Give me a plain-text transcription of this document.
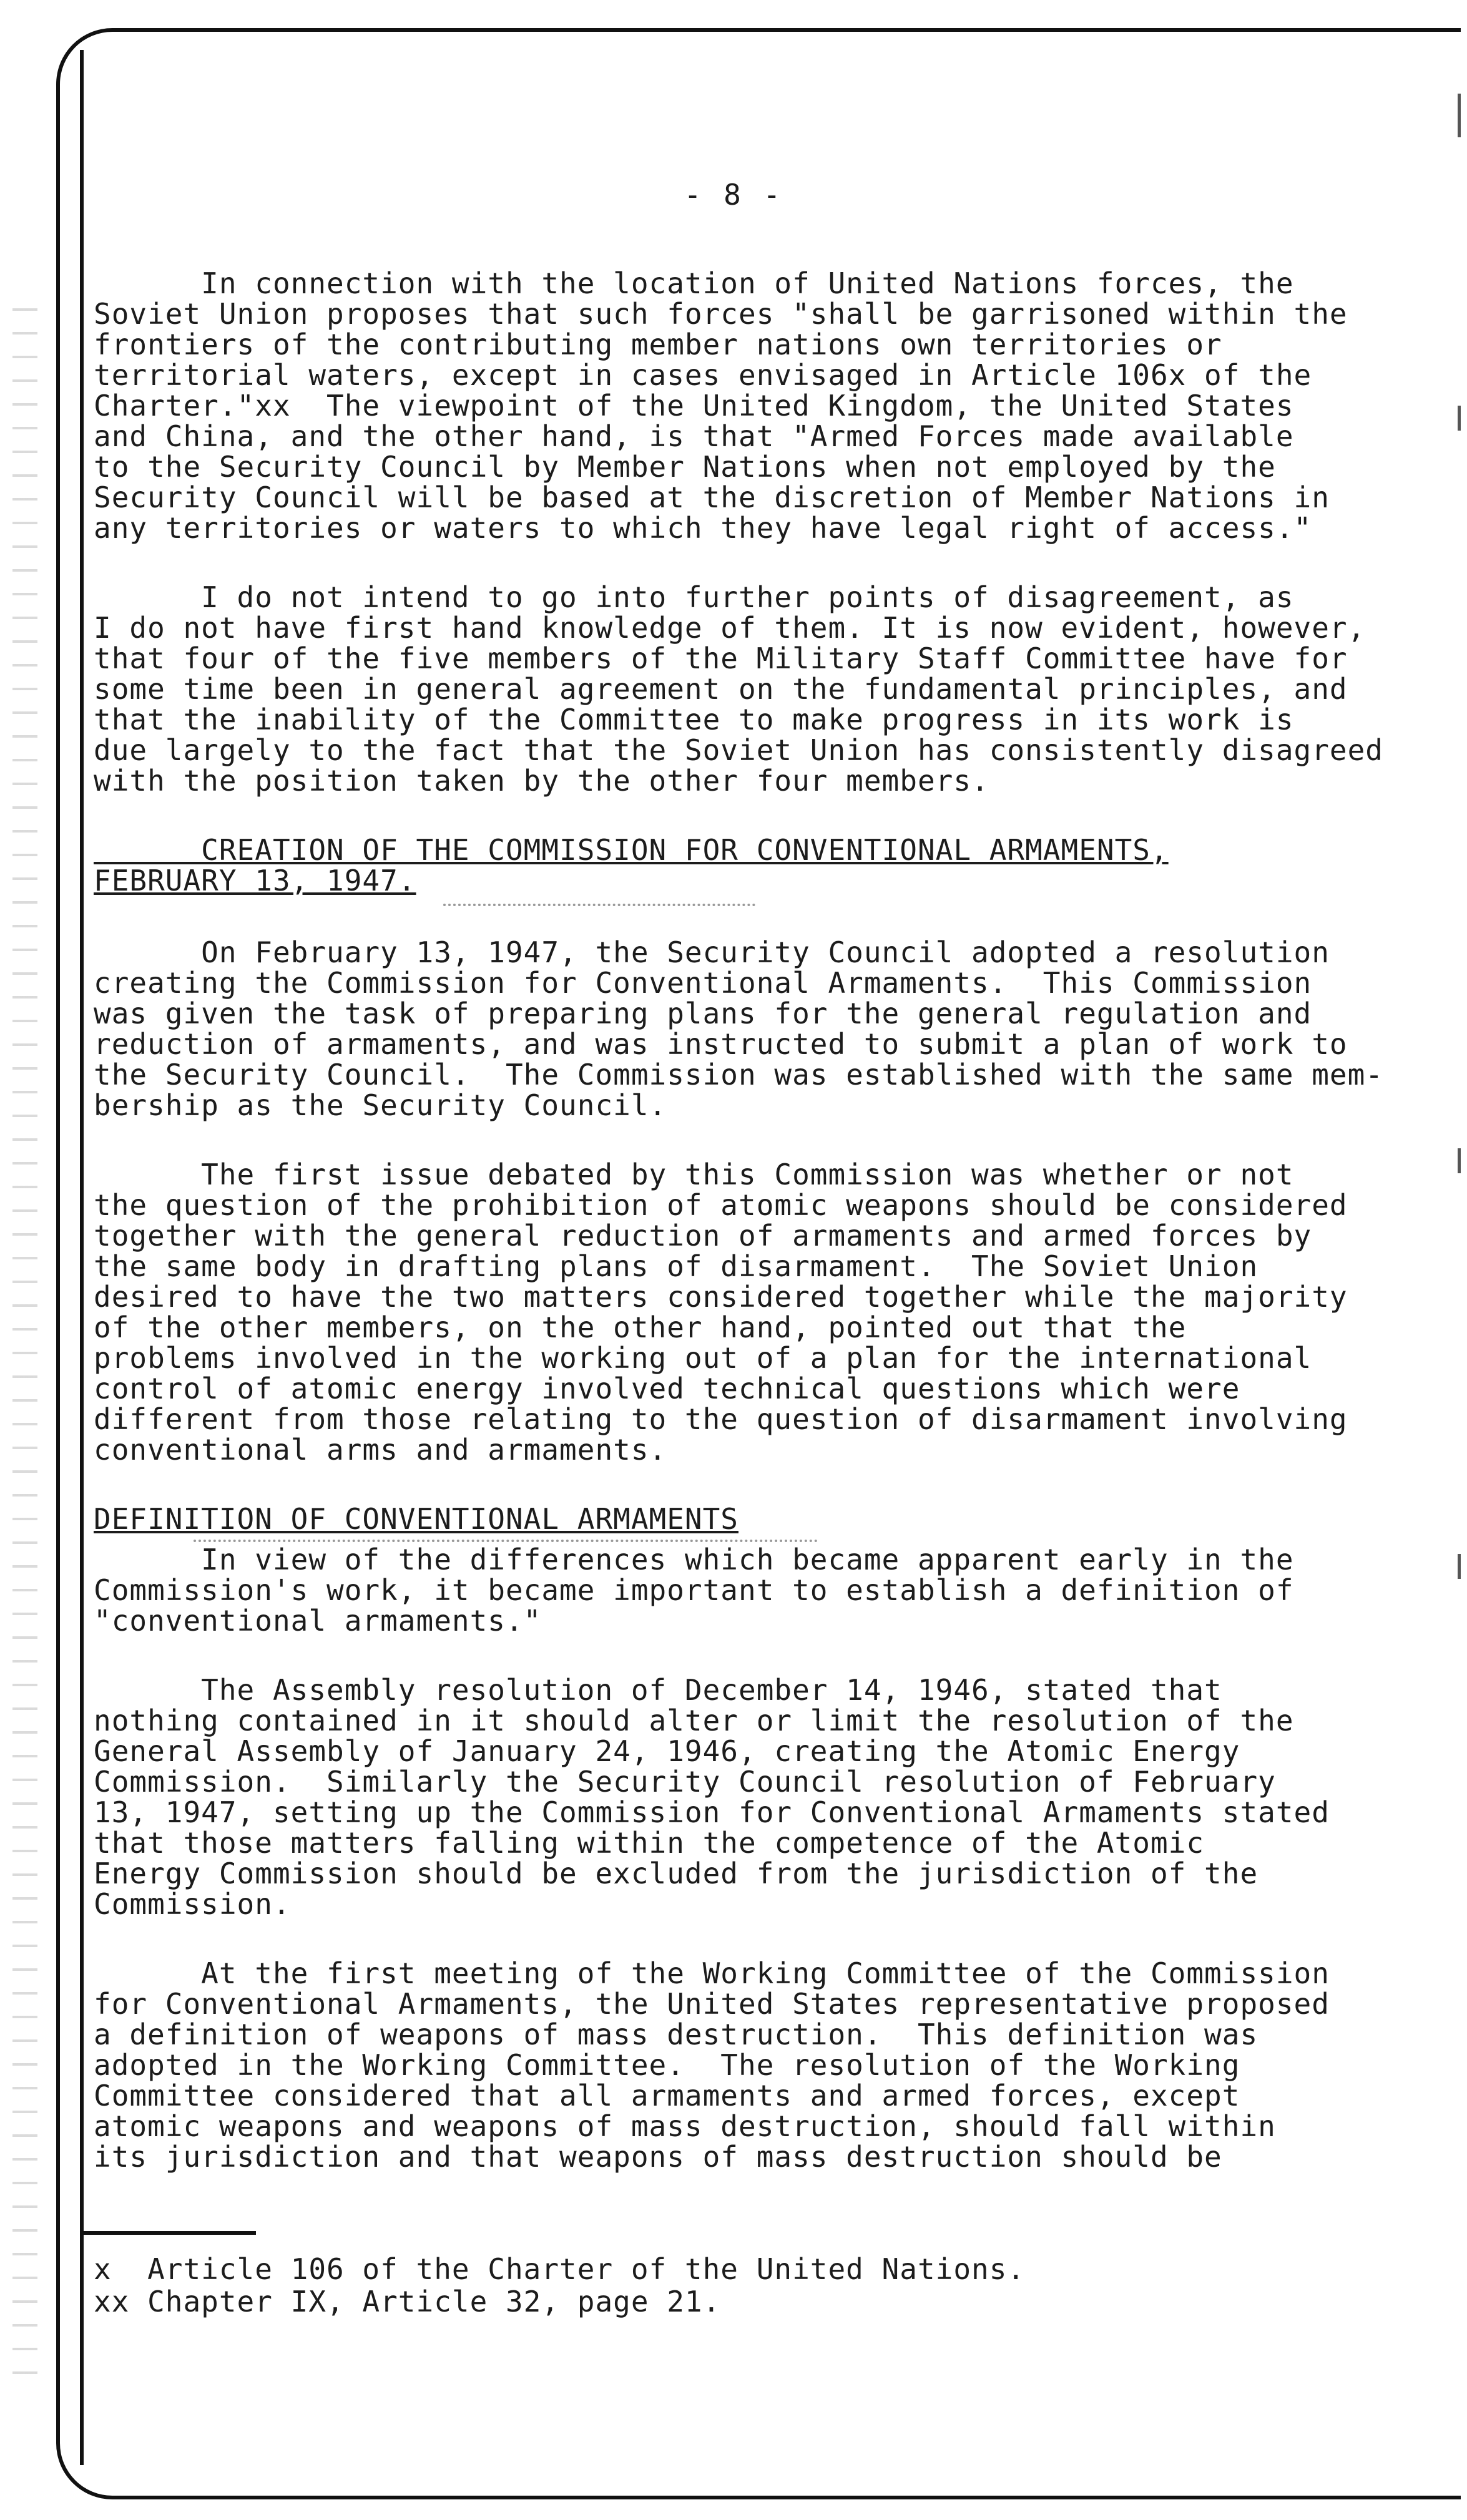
- 8 -
In connection with the location of United Nations forces, the
Soviet Union proposes that such forces "shall be garrisoned within the
frontiers of the contributing member nations own territories or
territorial waters, except in cases envisaged in Article 106x of the
Charter."xx  The viewpoint of the United Kingdom, the United States
and China, and the other hand, is that "Armed Forces made available
to the Security Council by Member Nations when not employed by the
Security Council will be based at the discretion of Member Nations in
any territories or waters to which they have legal right of access."
I do not intend to go into further points of disagreement, as
I do not have first hand knowledge of them. It is now evident, however,
that four of the five members of the Military Staff Committee have for
some time been in general agreement on the fundamental principles, and
that the inability of the Committee to make progress in its work is
due largely to the fact that the Soviet Union has consistently disagreed
with the position taken by the other four members.
CREATION OF THE COMMISSION FOR CONVENTIONAL ARMAMENTS,
FEBRUARY 13, 1947.
On February 13, 1947, the Security Council adopted a resolution
creating the Commission for Conventional Armaments.  This Commission
was given the task of preparing plans for the general regulation and
reduction of armaments, and was instructed to submit a plan of work to
the Security Council.  The Commission was established with the same mem-
bership as the Security Council.
The first issue debated by this Commission was whether or not
the question of the prohibition of atomic weapons should be considered
together with the general reduction of armaments and armed forces by
the same body in drafting plans of disarmament.  The Soviet Union
desired to have the two matters considered together while the majority
of the other members, on the other hand, pointed out that the
problems involved in the working out of a plan for the international
control of atomic energy involved technical questions which were
different from those relating to the question of disarmament involving
conventional arms and armaments.
DEFINITION OF CONVENTIONAL ARMAMENTS
In view of the differences which became apparent early in the
Commission's work, it became important to establish a definition of
"conventional armaments."
The Assembly resolution of December 14, 1946, stated that
nothing contained in it should alter or limit the resolution of the
General Assembly of January 24, 1946, creating the Atomic Energy
Commission.  Similarly the Security Council resolution of February
13, 1947, setting up the Commission for Conventional Armaments stated
that those matters falling within the competence of the Atomic
Energy Commission should be excluded from the jurisdiction of the
Commission.
At the first meeting of the Working Committee of the Commission
for Conventional Armaments, the United States representative proposed
a definition of weapons of mass destruction.  This definition was
adopted in the Working Committee.  The resolution of the Working
Committee considered that all armaments and armed forces, except
atomic weapons and weapons of mass destruction, should fall within
its jurisdiction and that weapons of mass destruction should be
x  Article 106 of the Charter of the United Nations.
xx Chapter IX, Article 32, page 21.
